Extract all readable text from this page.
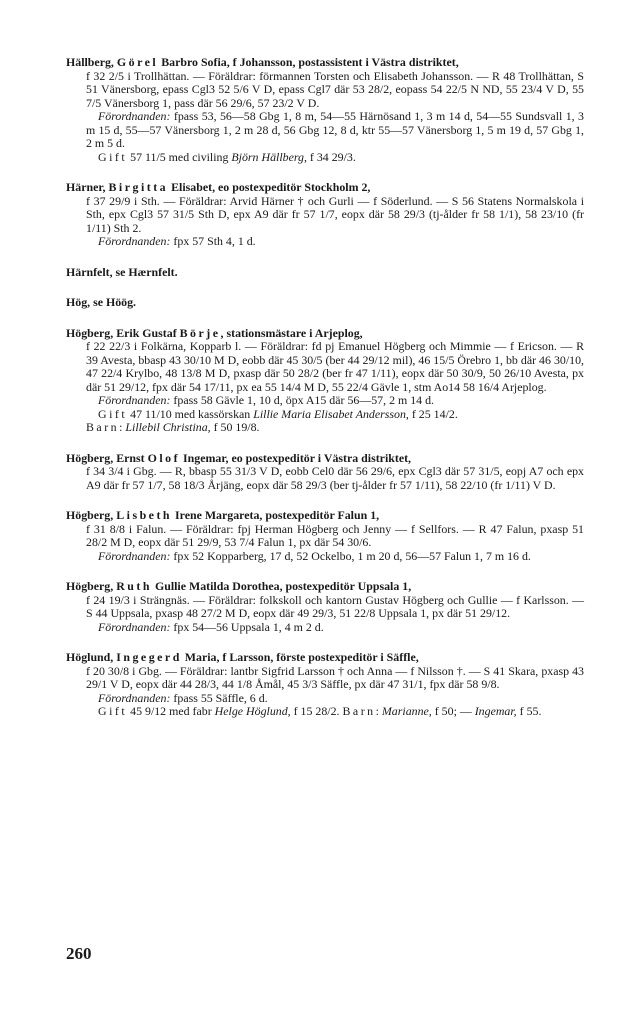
Hällberg, Görel Barbro Sofia, f Johansson, postassistent i Västra distriktet,

f 32 2/5 i Trollhättan. — Föräldrar: förmannen Torsten och Elisabeth Johansson. — R 48 Trollhättan, S 51 Vänersborg, epass Cgl3 52 5/6 V D, epass Cgl7 där 53 28/2, eopass 54 22/5 N ND, 55 23/4 V D, 55 7/5 Vänersborg 1, pass där 56 29/6, 57 23/2 V D.

Förordnanden: fpass 53, 56—58 Gbg 1, 8 m, 54—55 Härnösand 1, 3 m 14 d, 54—55 Sundsvall 1, 3 m 15 d, 55—57 Vänersborg 1, 2 m 28 d, 56 Gbg 12, 8 d, ktr 55—57 Vänersborg 1, 5 m 19 d, 57 Gbg 1, 2 m 5 d.

Gift 57 11/5 med civiling Björn Hällberg, f 34 29/3.

Härner, Birgitta Elisabet, eo postexpeditör Stockholm 2,

f 37 29/9 i Sth. — Föräldrar: Arvid Härner † och Gurli — f Söderlund. — S 56 Statens Normalskola i Sth, epx Cgl3 57 31/5 Sth D, epx A9 där fr 57 1/7, eopx där 58 29/3 (tj-ålder fr 58 1/1), 58 23/10 (fr 1/11) Sth 2.

Förordnanden: fpx 57 Sth 4, 1 d.

Härnfelt, se Hærnfelt.

Hög, se Höög.

Högberg, Erik Gustaf Börje, stationsmästare i Arjeplog,

f 22 22/3 i Folkärna, Kopparb l. — Föräldrar: fd pj Emanuel Högberg och Mimmie — f Ericson. — R 39 Avesta, bbasp 43 30/10 M D, eobb där 45 30/5 (ber 44 29/12 mil), 46 15/5 Örebro 1, bb där 46 30/10, 47 22/4 Krylbo, 48 13/8 M D, pxasp där 50 28/2 (ber fr 47 1/11), eopx där 50 30/9, 50 26/10 Avesta, px där 51 29/12, fpx där 54 17/11, px ea 55 14/4 M D, 55 22/4 Gävle 1, stm Ao14 58 16/4 Arjeplog.

Förordnanden: fpass 58 Gävle 1, 10 d, öpx A15 där 56—57, 2 m 14 d.

Gift 47 11/10 med kassörskan Lillie Maria Elisabet Andersson, f 25 14/2.

Barn: Lillebil Christina, f 50 19/8.

Högberg, Ernst Olof Ingemar, eo postexpeditör i Västra distriktet,

f 34 3/4 i Gbg. — R, bbasp 55 31/3 V D, eobb Cel0 där 56 29/6, epx Cgl3 där 57 31/5, eopj A7 och epx A9 där fr 57 1/7, 58 18/3 Årjäng, eopx där 58 29/3 (ber tj-ålder fr 57 1/11), 58 22/10 (fr 1/11) V D.

Högberg, Lisbeth Irene Margareta, postexpeditör Falun 1,

f 31 8/8 i Falun. — Föräldrar: fpj Herman Högberg och Jenny — f Sellfors. — R 47 Falun, pxasp 51 28/2 M D, eopx där 51 29/9, 53 7/4 Falun 1, px där 54 30/6.

Förordnanden: fpx 52 Kopparberg, 17 d, 52 Ockelbo, 1 m 20 d, 56—57 Falun 1, 7 m 16 d.

Högberg, Ruth Gullie Matilda Dorothea, postexpeditör Uppsala 1,

f 24 19/3 i Strängnäs. — Föräldrar: folkskoll och kantorn Gustav Högberg och Gullie — f Karlsson. — S 44 Uppsala, pxasp 48 27/2 M D, eopx där 49 29/3, 51 22/8 Uppsala 1, px där 51 29/12.

Förordnanden: fpx 54—56 Uppsala 1, 4 m 2 d.

Höglund, Ingegerd Maria, f Larsson, förste postexpeditör i Säffle,

f 20 30/8 i Gbg. — Föräldrar: lantbr Sigfrid Larsson † och Anna — f Nilsson †. — S 41 Skara, pxasp 43 29/1 V D, eopx där 44 28/3, 44 1/8 Åmål, 45 3/3 Säffle, px där 47 31/1, fpx där 58 9/8.

Förordnanden: fpass 55 Säffle, 6 d.

Gift 45 9/12 med fabr Helge Höglund, f 15 28/2. Barn: Marianne, f 50; — Ingemar, f 55.

260
